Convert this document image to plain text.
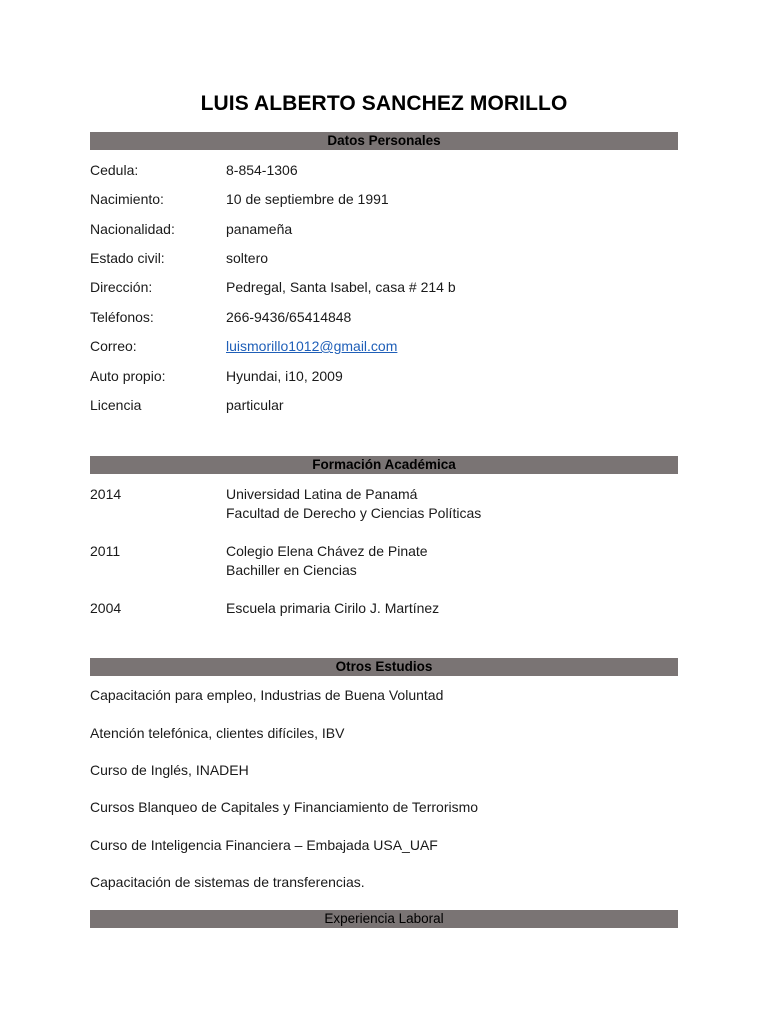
LUIS ALBERTO SANCHEZ MORILLO
Datos Personales
Cedula:	8-854-1306
Nacimiento:	10 de septiembre de 1991
Nacionalidad:	panameña
Estado civil:	soltero
Dirección:	Pedregal, Santa Isabel, casa # 214 b
Teléfonos:	266-9436/65414848
Correo:	luismorillo1012@gmail.com
Auto propio:	Hyundai, i10, 2009
Licencia	particular
Formación Académica
2014	Universidad Latina de Panamá
Facultad de Derecho y Ciencias Políticas
2011	Colegio Elena Chávez de Pinate
Bachiller en Ciencias
2004	Escuela primaria Cirilo J. Martínez
Otros Estudios
Capacitación para empleo, Industrias de Buena Voluntad
Atención telefónica, clientes difíciles, IBV
Curso de Inglés, INADEH
Cursos Blanqueo de Capitales y Financiamiento de Terrorismo
Curso de Inteligencia Financiera – Embajada USA_UAF
Capacitación de sistemas de transferencias.
Experiencia Laboral
